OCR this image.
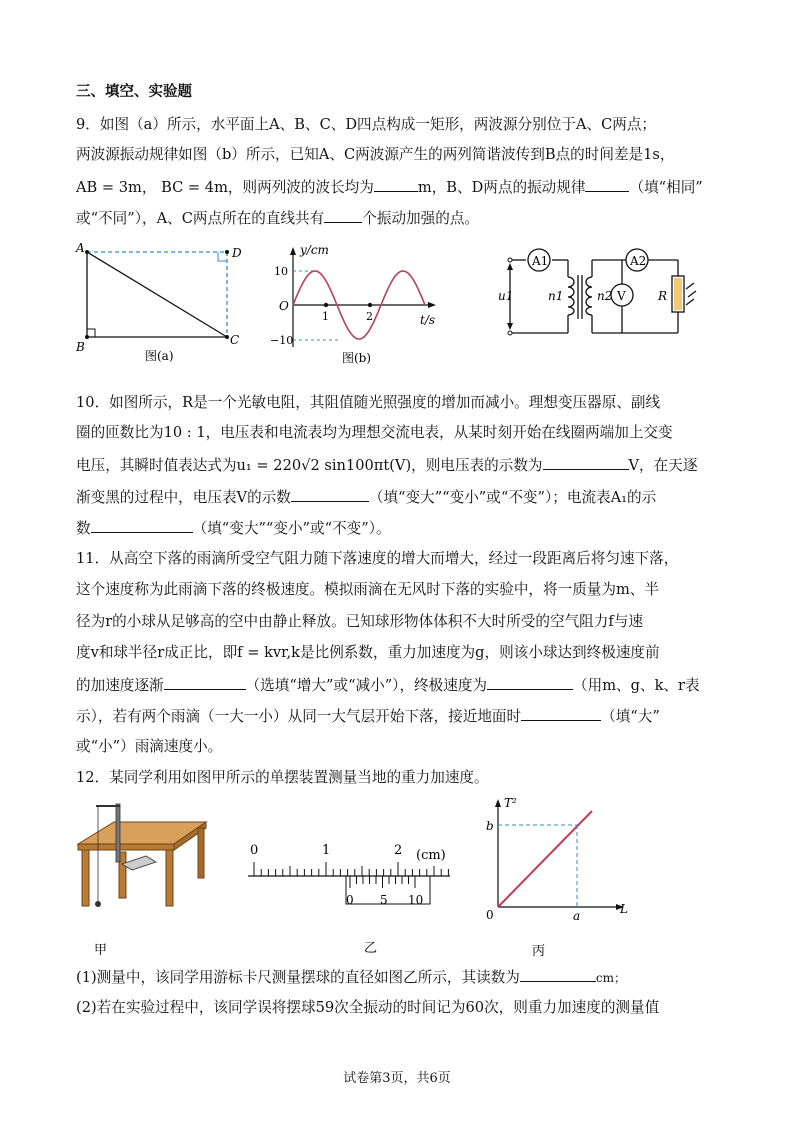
三、填空、实验题
9．如图（a）所示，水平面上A、B、C、D四点构成一矩形，两波源分别位于A、C两点；
两波源振动规律如图（b）所示，已知A、C两波源产生的两列简谐波传到B点的时间差是1s，
AB = 3m， BC = 4m，则两列波的波长均为	m，B、D两点的振动规律	（填“相同”
或“不同”），A、C两点所在的直线共有	个振动加强的点。
A
B	C
D
图(a)
y/cm
t/s
O
10
−10
1	2
图(b)
A1	A2
V
u1	n1	n2	R
10．如图所示，R是一个光敏电阻，其阻值随光照强度的增加而减小。理想变压器原、副线
圈的匝数比为10 : 1，电压表和电流表均为理想交流电表，从某时刻开始在线圈两端加上交变
电压，其瞬时值表达式为u₁ = 220√2 sin100πt(V)，则电压表的示数为	V，在天逐
渐变黑的过程中，电压表V的示数	（填“变大”“变小”或“不变”）；电流表A₁的示
数	（填“变大”“变小”或“不变”）。
11．从高空下落的雨滴所受空气阻力随下落速度的增大而增大，经过一段距离后将匀速下落，
这个速度称为此雨滴下落的终极速度。模拟雨滴在无风时下落的实验中，将一质量为m、半
径为r的小球从足够高的空中由静止释放。已知球形物体体积不大时所受的空气阻力f与速
度v和球半径r成正比，即f = kvr,k是比例系数，重力加速度为g，则该小球达到终极速度前
的加速度逐渐	（选填“增大”或“减小”），终极速度为	（用m、g、k、r表
示），若有两个雨滴（一大一小）从同一大气层开始下落，接近地面时	（填“大”
或“小”）雨滴速度小。
12．某同学利用如图甲所示的单摆装置测量当地的重力加速度。
甲
0	1	2 (cm)
0 5 10
乙
T²
L
0
b
a
丙
(1)测量中，该同学用游标卡尺测量摆球的直径如图乙所示，其读数为	cm；
(2)若在实验过程中，该同学误将摆球59次全振动的时间记为60次，则重力加速度的测量值
试卷第3页，共6页
